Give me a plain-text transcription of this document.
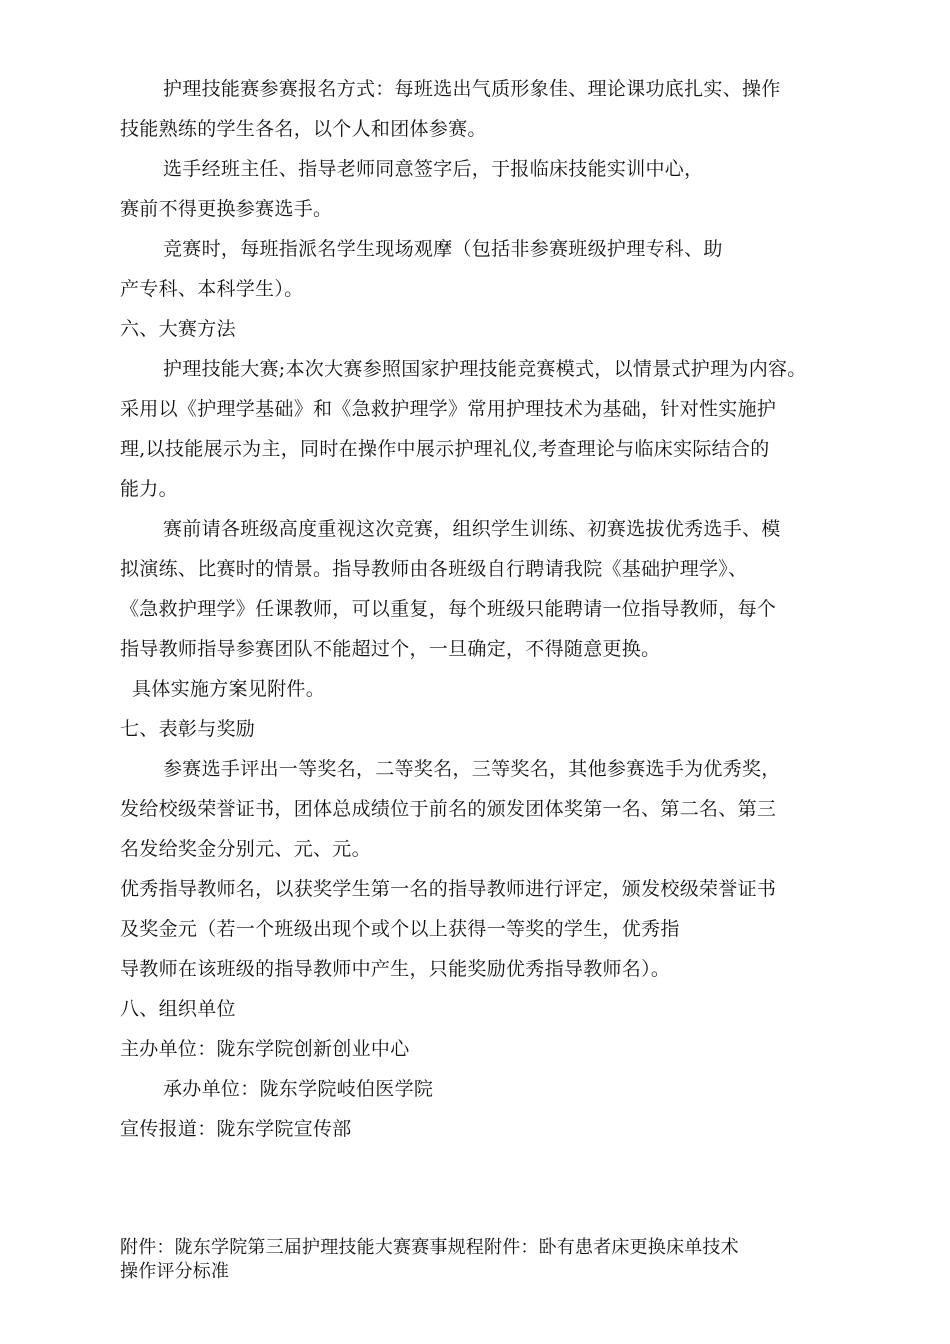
护理技能赛参赛报名方式：每班选出气质形象佳、理论课功底扎实、操作
技能熟练的学生各名，以个人和团体参赛。
选手经班主任、指导老师同意签字后，于报临床技能实训中心，
赛前不得更换参赛选手。
竞赛时，每班指派名学生现场观摩（包括非参赛班级护理专科、助
产专科、本科学生）。
六、大赛方法
护理技能大赛;本次大赛参照国家护理技能竞赛模式，以情景式护理为内容。
采用以《护理学基础》和《急救护理学》常用护理技术为基础，针对性实施护
理,以技能展示为主，同时在操作中展示护理礼仪,考查理论与临床实际结合的
能力。
赛前请各班级高度重视这次竞赛，组织学生训练、初赛选拔优秀选手、模
拟演练、比赛时的情景。指导教师由各班级自行聘请我院《基础护理学》、
《急救护理学》任课教师，可以重复，每个班级只能聘请一位指导教师，每个
指导教师指导参赛团队不能超过个，一旦确定，不得随意更换。
具体实施方案见附件。
七、表彰与奖励
参赛选手评出一等奖名，二等奖名，三等奖名，其他参赛选手为优秀奖，
发给校级荣誉证书，团体总成绩位于前名的颁发团体奖第一名、第二名、第三
名发给奖金分别元、元、元。
优秀指导教师名，以获奖学生第一名的指导教师进行评定，颁发校级荣誉证书
及奖金元（若一个班级出现个或个以上获得一等奖的学生，优秀指
导教师在该班级的指导教师中产生，只能奖励优秀指导教师名）。
八、组织单位
主办单位：陇东学院创新创业中心
承办单位：陇东学院岐伯医学院
宣传报道：陇东学院宣传部
附件：陇东学院第三届护理技能大赛赛事规程附件：卧有患者床更换床单技术
操作评分标准
